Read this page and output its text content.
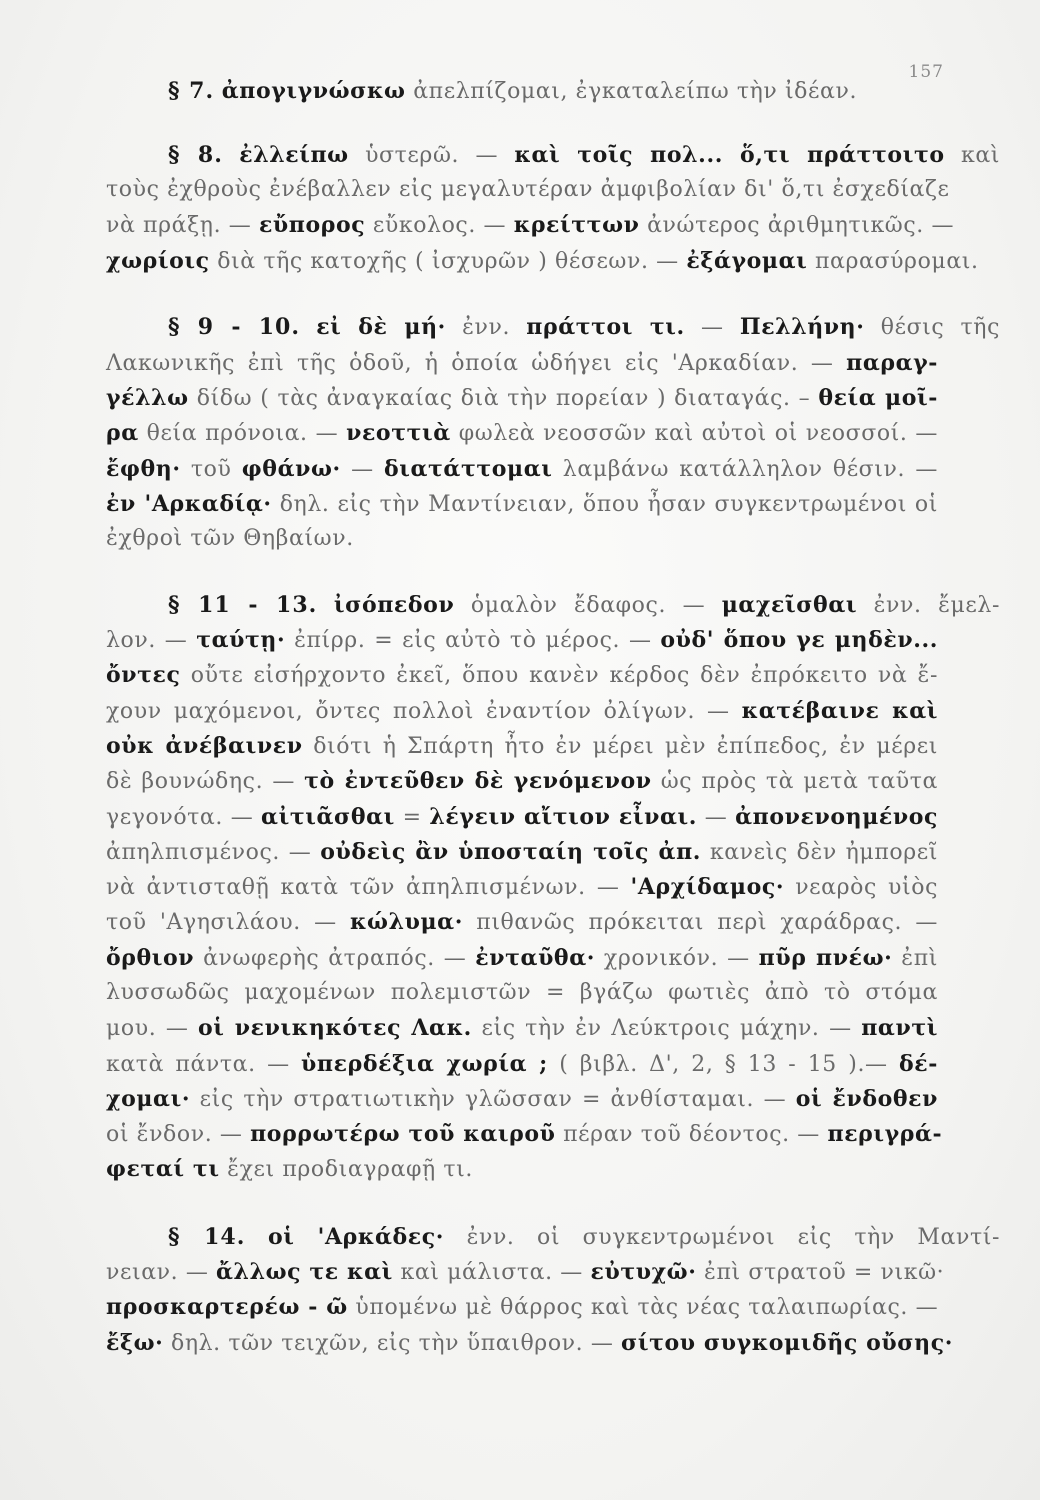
157
§ 7. ἀπογιγνώσκω ἀπελπίζομαι, ἐγκαταλείπω τὴν ἰδέαν.
§ 8. ἐλλείπω ὑστερῶ. — καὶ τοῖς πολ... ὅ,τι πράττοιτο καὶ
τοὺς ἐχθροὺς ἐνέβαλλεν εἰς μεγαλυτέραν ἀμφιβολίαν δι' ὅ,τι ἐσχεδίαζε
νὰ πράξῃ. — εὔπορος εὔκολος. — κρείττων ἀνώτερος ἀριθμητικῶς. —
χωρίοις διὰ τῆς κατοχῆς ( ἰσχυρῶν ) θέσεων. — ἐξάγομαι παρασύρομαι.
§ 9 - 10. εἰ δὲ μή· ἐνν. πράττοι τι. — Πελλήνη· θέσις τῆς
Λακωνικῆς ἐπὶ τῆς ὁδοῦ, ἡ ὁποία ὡδήγει εἰς 'Αρκαδίαν. — παραγ-
γέλλω δίδω ( τὰς ἀναγκαίας διὰ τὴν πορείαν ) διαταγάς. – θεία μοῖ-
ρα θεία πρόνοια. — νεοττιὰ φωλεὰ νεοσσῶν καὶ αὐτοὶ οἱ νεοσσοί. —
ἔφθη· τοῦ φθάνω· — διατάττομαι λαμβάνω κατάλληλον θέσιν. —
ἐν 'Αρκαδίᾳ· δηλ. εἰς τὴν Μαντίνειαν, ὅπου ἦσαν συγκεντρωμένοι οἱ
ἐχθροὶ τῶν Θηβαίων.
§ 11 - 13. ἰσόπεδον ὁμαλὸν ἔδαφος. — μαχεῖσθαι ἐνν. ἔμελ-
λον. — ταύτῃ· ἐπίρρ. = εἰς αὐτὸ τὸ μέρος. — οὐδ' ὅπου γε μηδὲν...
ὄντες οὔτε εἰσήρχοντο ἐκεῖ, ὅπου κανὲν κέρδος δὲν ἐπρόκειτο νὰ ἔ-
χουν μαχόμενοι, ὄντες πολλοὶ ἐναντίον ὀλίγων. — κατέβαινε καὶ
οὐκ ἀνέβαινεν διότι ἡ Σπάρτη ἦτο ἐν μέρει μὲν ἐπίπεδος, ἐν μέρει
δὲ βουνώδης. — τὸ ἐντεῦθεν δὲ γενόμενον ὡς πρὸς τὰ μετὰ ταῦτα
γεγονότα. — αἰτιᾶσθαι = λέγειν αἴτιον εἶναι. — ἀπονενοημένος
ἀπηλπισμένος. — οὐδεὶς ἂν ὑποσταίη τοῖς ἀπ. κανεὶς δὲν ἠμπορεῖ
νὰ ἀντισταθῇ κατὰ τῶν ἀπηλπισμένων. — 'Αρχίδαμος· νεαρὸς υἱὸς
τοῦ 'Αγησιλάου. — κώλυμα· πιθανῶς πρόκειται περὶ χαράδρας. —
ὄρθιον ἀνωφερὴς ἀτραπός. — ἐνταῦθα· χρονικόν. — πῦρ πνέω· ἐπὶ
λυσσωδῶς μαχομένων πολεμιστῶν = βγάζω φωτιὲς ἀπὸ τὸ στόμα
μου. — οἱ νενικηκότες Λακ. εἰς τὴν ἐν Λεύκτροις μάχην. — παντὶ
κατὰ πάντα. — ὑπερδέξια χωρία ; ( βιβλ. Δ', 2, § 13 - 15 ).— δέ-
χομαι· εἰς τὴν στρατιωτικὴν γλῶσσαν = ἀνθίσταμαι. — οἱ ἔνδοθεν
οἱ ἔνδον. — πορρωτέρω τοῦ καιροῦ πέραν τοῦ δέοντος. — περιγρά-
φεταί τι ἔχει προδιαγραφῇ τι.
§ 14. οἱ 'Αρκάδες· ἐνν. οἱ συγκεντρωμένοι εἰς τὴν Μαντί-
νειαν. — ἄλλως τε καὶ καὶ μάλιστα. — εὐτυχῶ· ἐπὶ στρατοῦ = νικῶ·
προσκαρτερέω - ῶ ὑπομένω μὲ θάρρος καὶ τὰς νέας ταλαιπωρίας. —
ἔξω· δηλ. τῶν τειχῶν, εἰς τὴν ὕπαιθρον. — σίτου συγκομιδῆς οὔσης·
